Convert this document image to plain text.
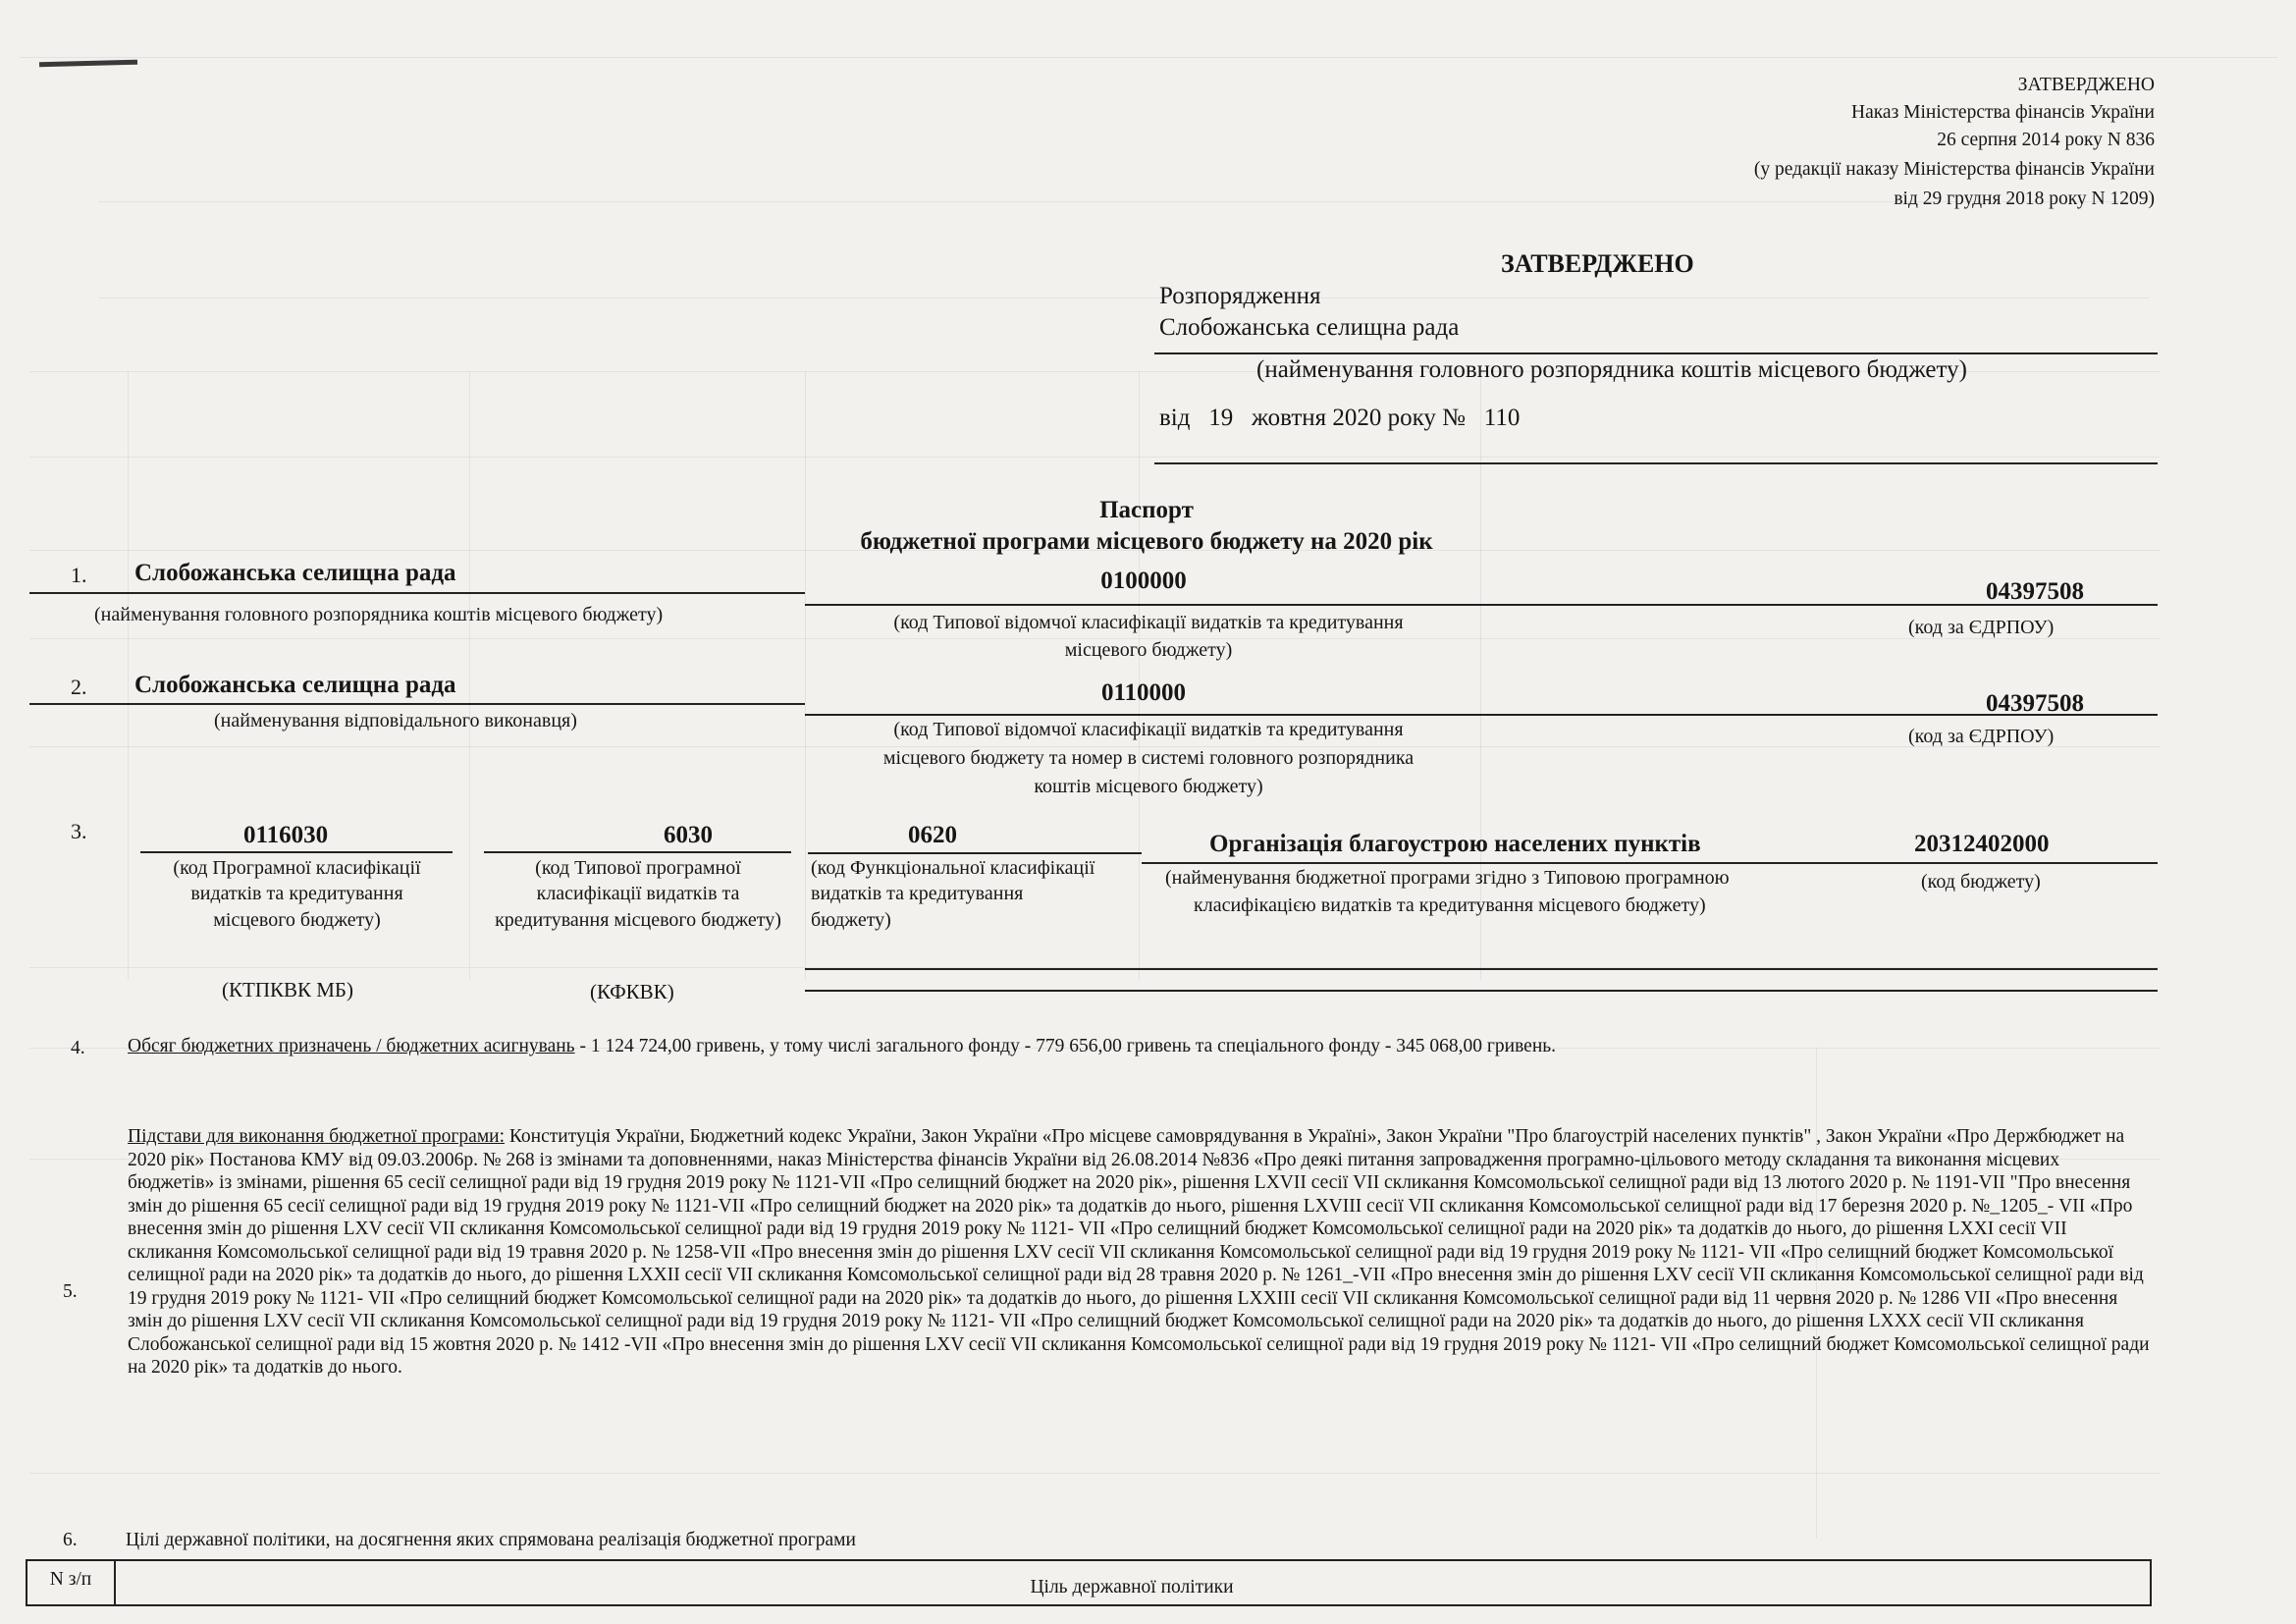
ЗАТВЕРДЖЕНО
Наказ Міністерства фінансів України
26 серпня 2014 року N 836
(у редакції наказу Міністерства фінансів України
від 29 грудня 2018 року N 1209)
ЗАТВЕРДЖЕНО
Розпорядження
Слобожанська селищна рада
(найменування головного розпорядника коштів місцевого бюджету)
від 19 жовтня 2020 року № 110
Паспорт
бюджетної програми місцевого бюджету на 2020 рік
1. Слобожанська селищна рада	0100000	04397508
(найменування головного розпорядника коштів місцевого бюджету)	(код Типової відомчої класифікації видатків та кредитування
місцевого бюджету)
(код за ЄДРПОУ)
2. Слобожанська селищна рада	0110000	04397508
(найменування відповідального виконавця)	(код Типової відомчої класифікації видатків та кредитування
місцевого бюджету та номер в системі головного розпорядника
коштів місцевого бюджету)
(код за ЄДРПОУ)
3.	0116030	6030	0620	Організація благоустрою населених пунктів	20312402000
(код Програмної класифікації
видатків та кредитування
місцевого бюджету)
(код Типової програмної
класифікації видатків та
кредитування місцевого бюджету)
(код Функціональної класифікації
видатків та кредитування
бюджету)
(найменування бюджетної програми згідно з Типовою програмною
класифікацією видатків та кредитування місцевого бюджету)
(код бюджету)
(КТПКВК МБ)	(КФКВК)
4. Обсяг бюджетних призначень / бюджетних асигнувань - 1 124 724,00 гривень, у тому числі загального фонду - 779 656,00 гривень та спеціального фонду - 345 068,00 гривень.
5.
Підстави для виконання бюджетної програми: Конституція України, Бюджетний кодекс України, Закон України «Про місцеве самоврядування в Україні», Закон України "Про благоустрій населених пунктів" , Закон України «Про Держбюджет на 2020 рік» Постанова КМУ від 09.03.2006р. № 268 із змінами та доповненнями, наказ Міністерства фінансів України від 26.08.2014 №836 «Про деякі питання запровадження програмно-цільового методу складання та виконання місцевих бюджетів» із змінами, рішення 65 сесії селищної ради від 19 грудня 2019 року № 1121-VII «Про селищний бюджет на 2020 рік», рішення LXVII сесії VII скликання Комсомольської селищної ради від 13 лютого 2020 р. № 1191-VII "Про внесення змін до рішення 65 сесії селищної ради від 19 грудня 2019 року № 1121-VII «Про селищний бюджет на 2020 рік» та додатків до нього, рішення LXVIII сесії VII скликання Комсомольської селищної ради від 17 березня 2020 р. №_1205_- VII «Про внесення змін до рішення LXV сесії VII скликання Комсомольської селищної ради від 19 грудня 2019 року № 1121- VII «Про селищний бюджет Комсомольської селищної ради на 2020 рік» та додатків до нього, до рішення LXXI сесії VII скликання Комсомольської селищної ради від 19 травня 2020 р. № 1258-VII «Про внесення змін до рішення LXV сесії VII скликання Комсомольської селищної ради від 19 грудня 2019 року № 1121- VII «Про селищний бюджет Комсомольської селищної ради на 2020 рік» та додатків до нього, до рішення LXXII сесії VII скликання Комсомольської селищної ради від 28 травня 2020 р. № 1261_-VII «Про внесення змін до рішення LXV сесії VII скликання Комсомольської селищної ради від 19 грудня 2019 року № 1121- VII «Про селищний бюджет Комсомольської селищної ради на 2020 рік» та додатків до нього, до рішення LXXIII сесії VII скликання Комсомольської селищної ради від 11 червня 2020 р. № 1286 VII «Про внесення змін до рішення LXV сесії VII скликання Комсомольської селищної ради від 19 грудня 2019 року № 1121- VII «Про селищний бюджет Комсомольської селищної ради на 2020 рік» та додатків до нього, до рішення LXXX сесії VII скликання Слобожанської селищної ради від 15 жовтня 2020 р. № 1412 -VII «Про внесення змін до рішення LXV сесії VII скликання Комсомольської селищної ради від 19 грудня 2019 року № 1121- VII «Про селищний бюджет Комсомольської селищної ради на 2020 рік» та додатків до нього.
6.	Цілі державної політики, на досягнення яких спрямована реалізація бюджетної програми
N з/п	Ціль державної політики
